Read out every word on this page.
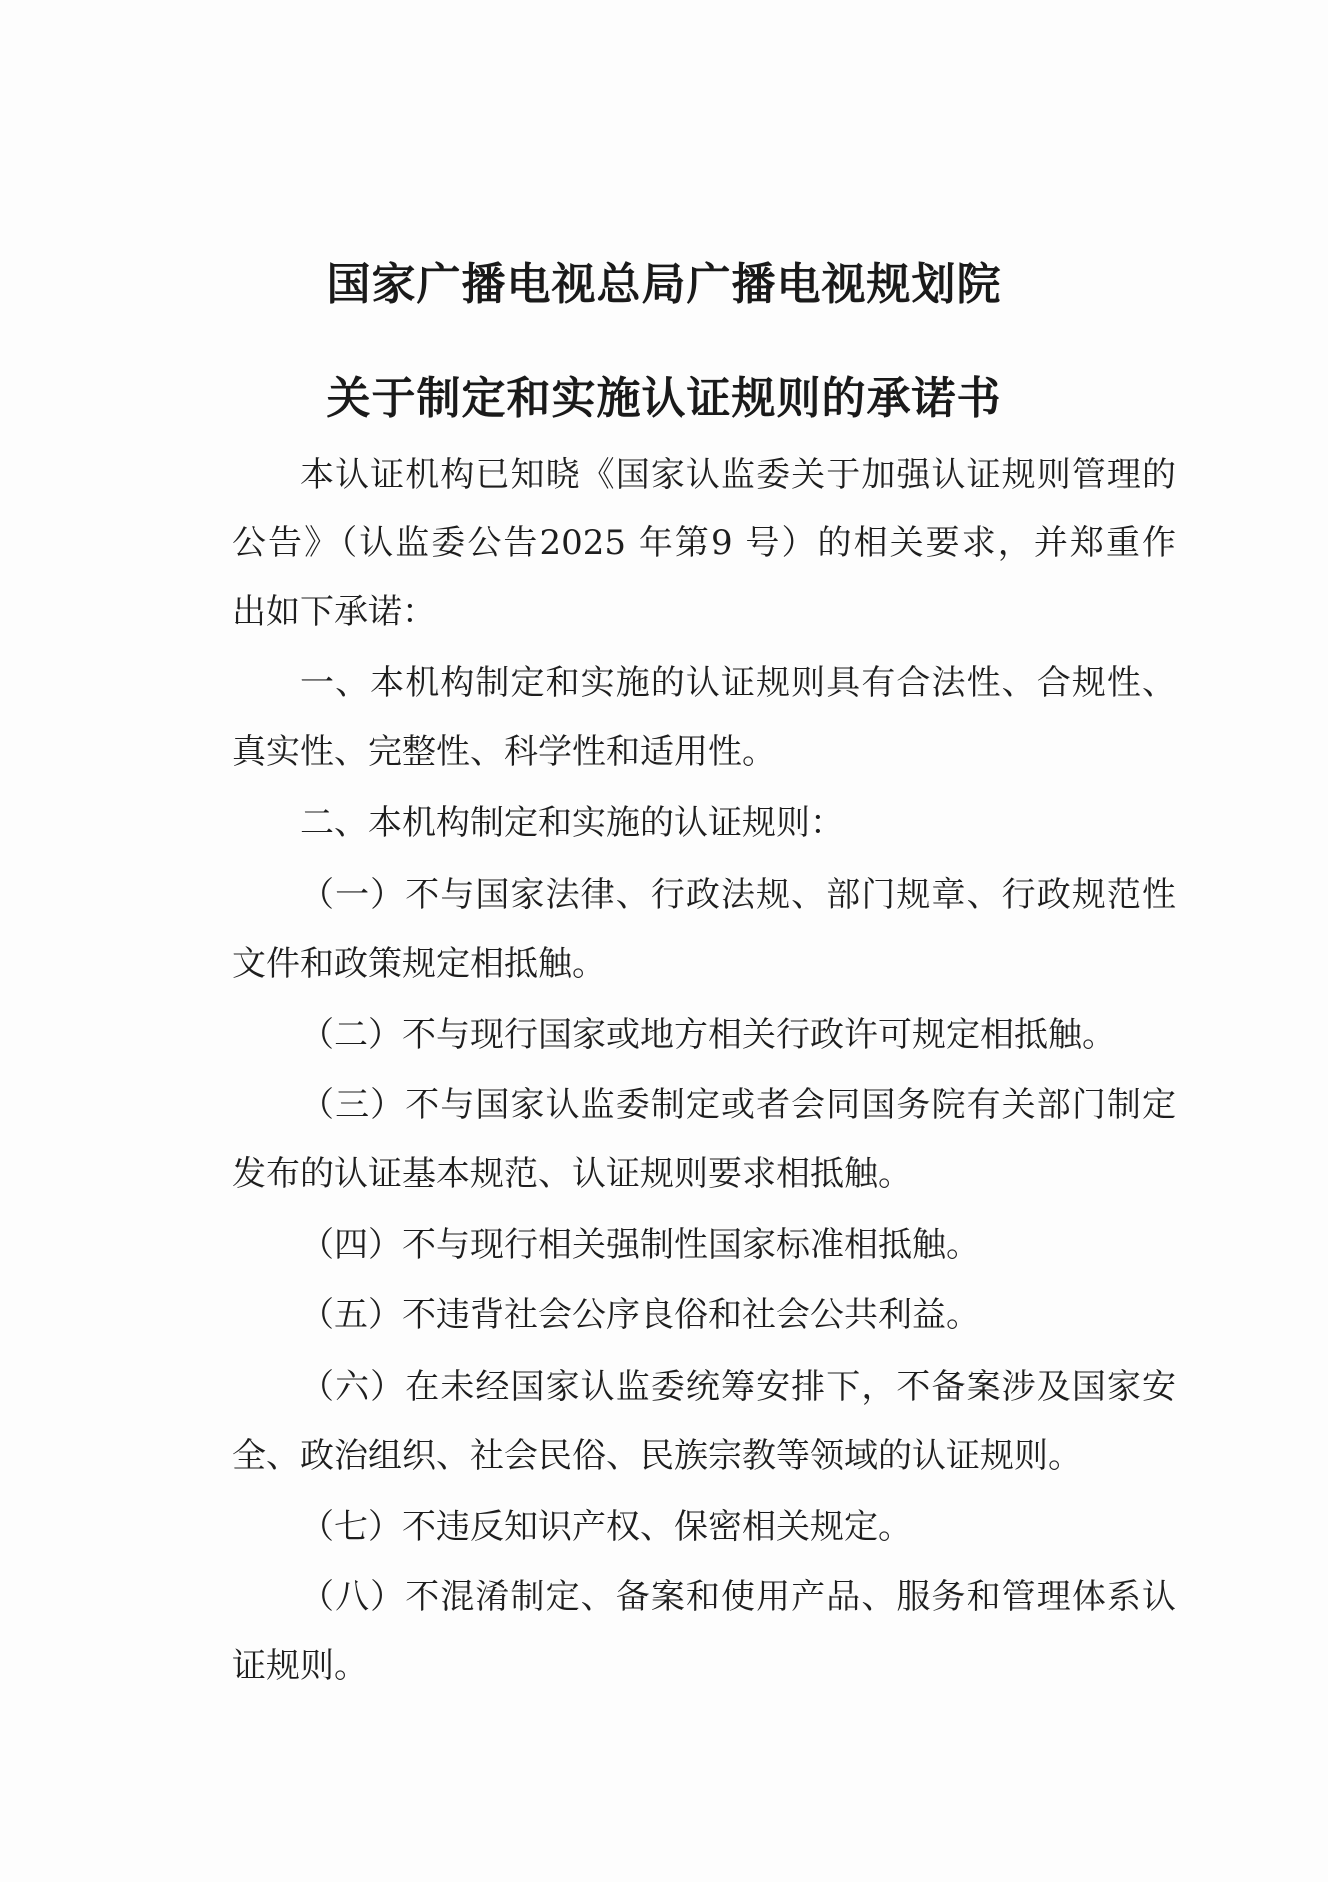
国家广播电视总局广播电视规划院
关于制定和实施认证规则的承诺书
本认证机构已知晓《国家认监委关于加强认证规则管理的
公告》（认监委公告2025 年第9 号）的相关要求，并郑重作
出如下承诺：
一、本机构制定和实施的认证规则具有合法性、合规性、
真实性、完整性、科学性和适用性。
二、本机构制定和实施的认证规则：
（一）不与国家法律、行政法规、部门规章、行政规范性
文件和政策规定相抵触。
（二）不与现行国家或地方相关行政许可规定相抵触。
（三）不与国家认监委制定或者会同国务院有关部门制定
发布的认证基本规范、认证规则要求相抵触。
（四）不与现行相关强制性国家标准相抵触。
（五）不违背社会公序良俗和社会公共利益。
（六）在未经国家认监委统筹安排下，不备案涉及国家安
全、政治组织、社会民俗、民族宗教等领域的认证规则。
（七）不违反知识产权、保密相关规定。
（八）不混淆制定、备案和使用产品、服务和管理体系认
证规则。
